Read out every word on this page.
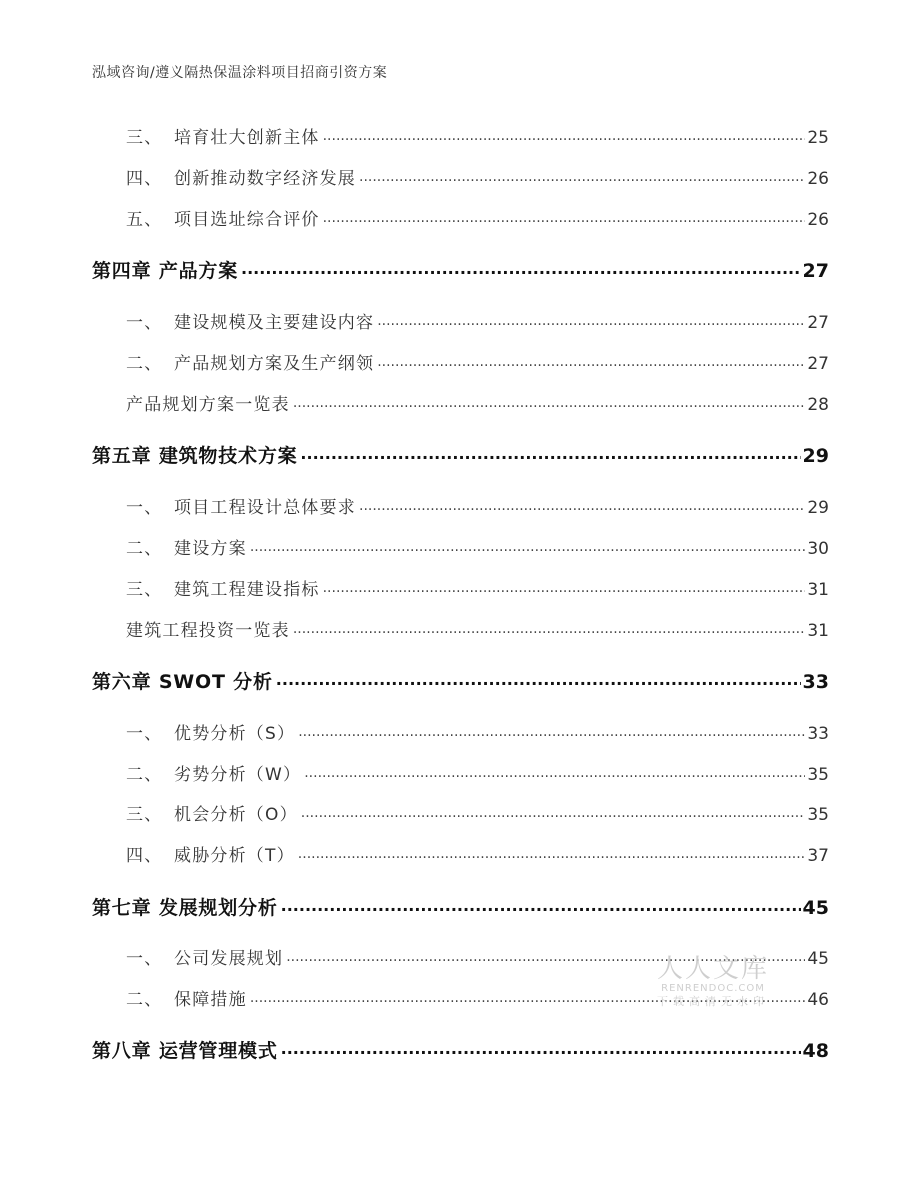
泓域咨询/遵义隔热保温涂料项目招商引资方案
三、 培育壮大创新主体 .....	25
四、 创新推动数字经济发展 .....	26
五、 项目选址综合评价 .....	26
第四章 产品方案 .....	27
一、 建设规模及主要建设内容 .....	27
二、 产品规划方案及生产纲领 .....	27
产品规划方案一览表 .....	28
第五章 建筑物技术方案 .....	29
一、 项目工程设计总体要求 .....	29
二、 建设方案 .....	30
三、 建筑工程建设指标 .....	31
建筑工程投资一览表 .....	31
第六章 SWOT 分析 .....	33
一、 优势分析（S） .....	33
二、 劣势分析（W） .....	35
三、 机会分析（O） .....	35
四、 威胁分析（T） .....	37
第七章 发展规划分析 .....	45
一、 公司发展规划 .....	45
二、 保障措施 .....	46
第八章 运营管理模式 .....	48
人人文库
RENRENDOC.COM
下载高清无水印
